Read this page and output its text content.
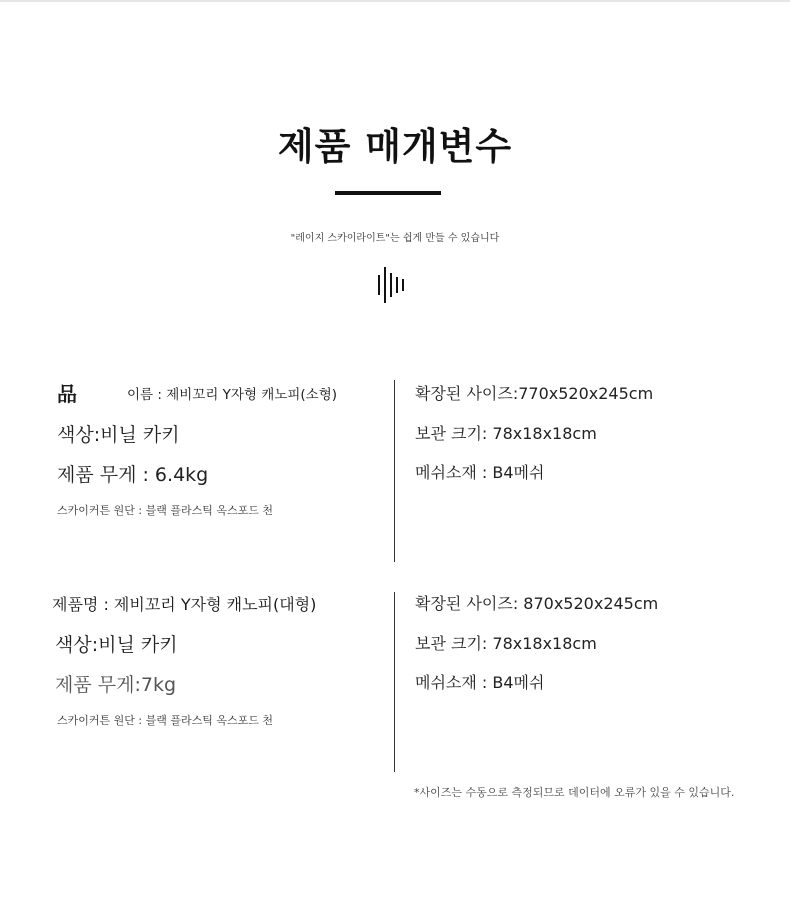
제품 매개변수
"레이지 스카이라이트"는 쉽게 만들 수 있습니다
品	이름 : 제비꼬리 Y자형 캐노피(소형)
색상:비닐 카키
제품 무게 : 6.4kg
스카이커튼 원단 : 블랙 플라스틱 옥스포드 천
확장된 사이즈:770x520x245cm
보관 크기: 78x18x18cm
메쉬소재 : B4메쉬
제품명 : 제비꼬리 Y자형 캐노피(대형)
색상:비닐 카키
제품 무게:7kg
스카이커튼 원단 : 블랙 플라스틱 옥스포드 천
확장된 사이즈: 870x520x245cm
보관 크기: 78x18x18cm
메쉬소재 : B4메쉬
*사이즈는 수동으로 측정되므로 데이터에 오류가 있을 수 있습니다.
